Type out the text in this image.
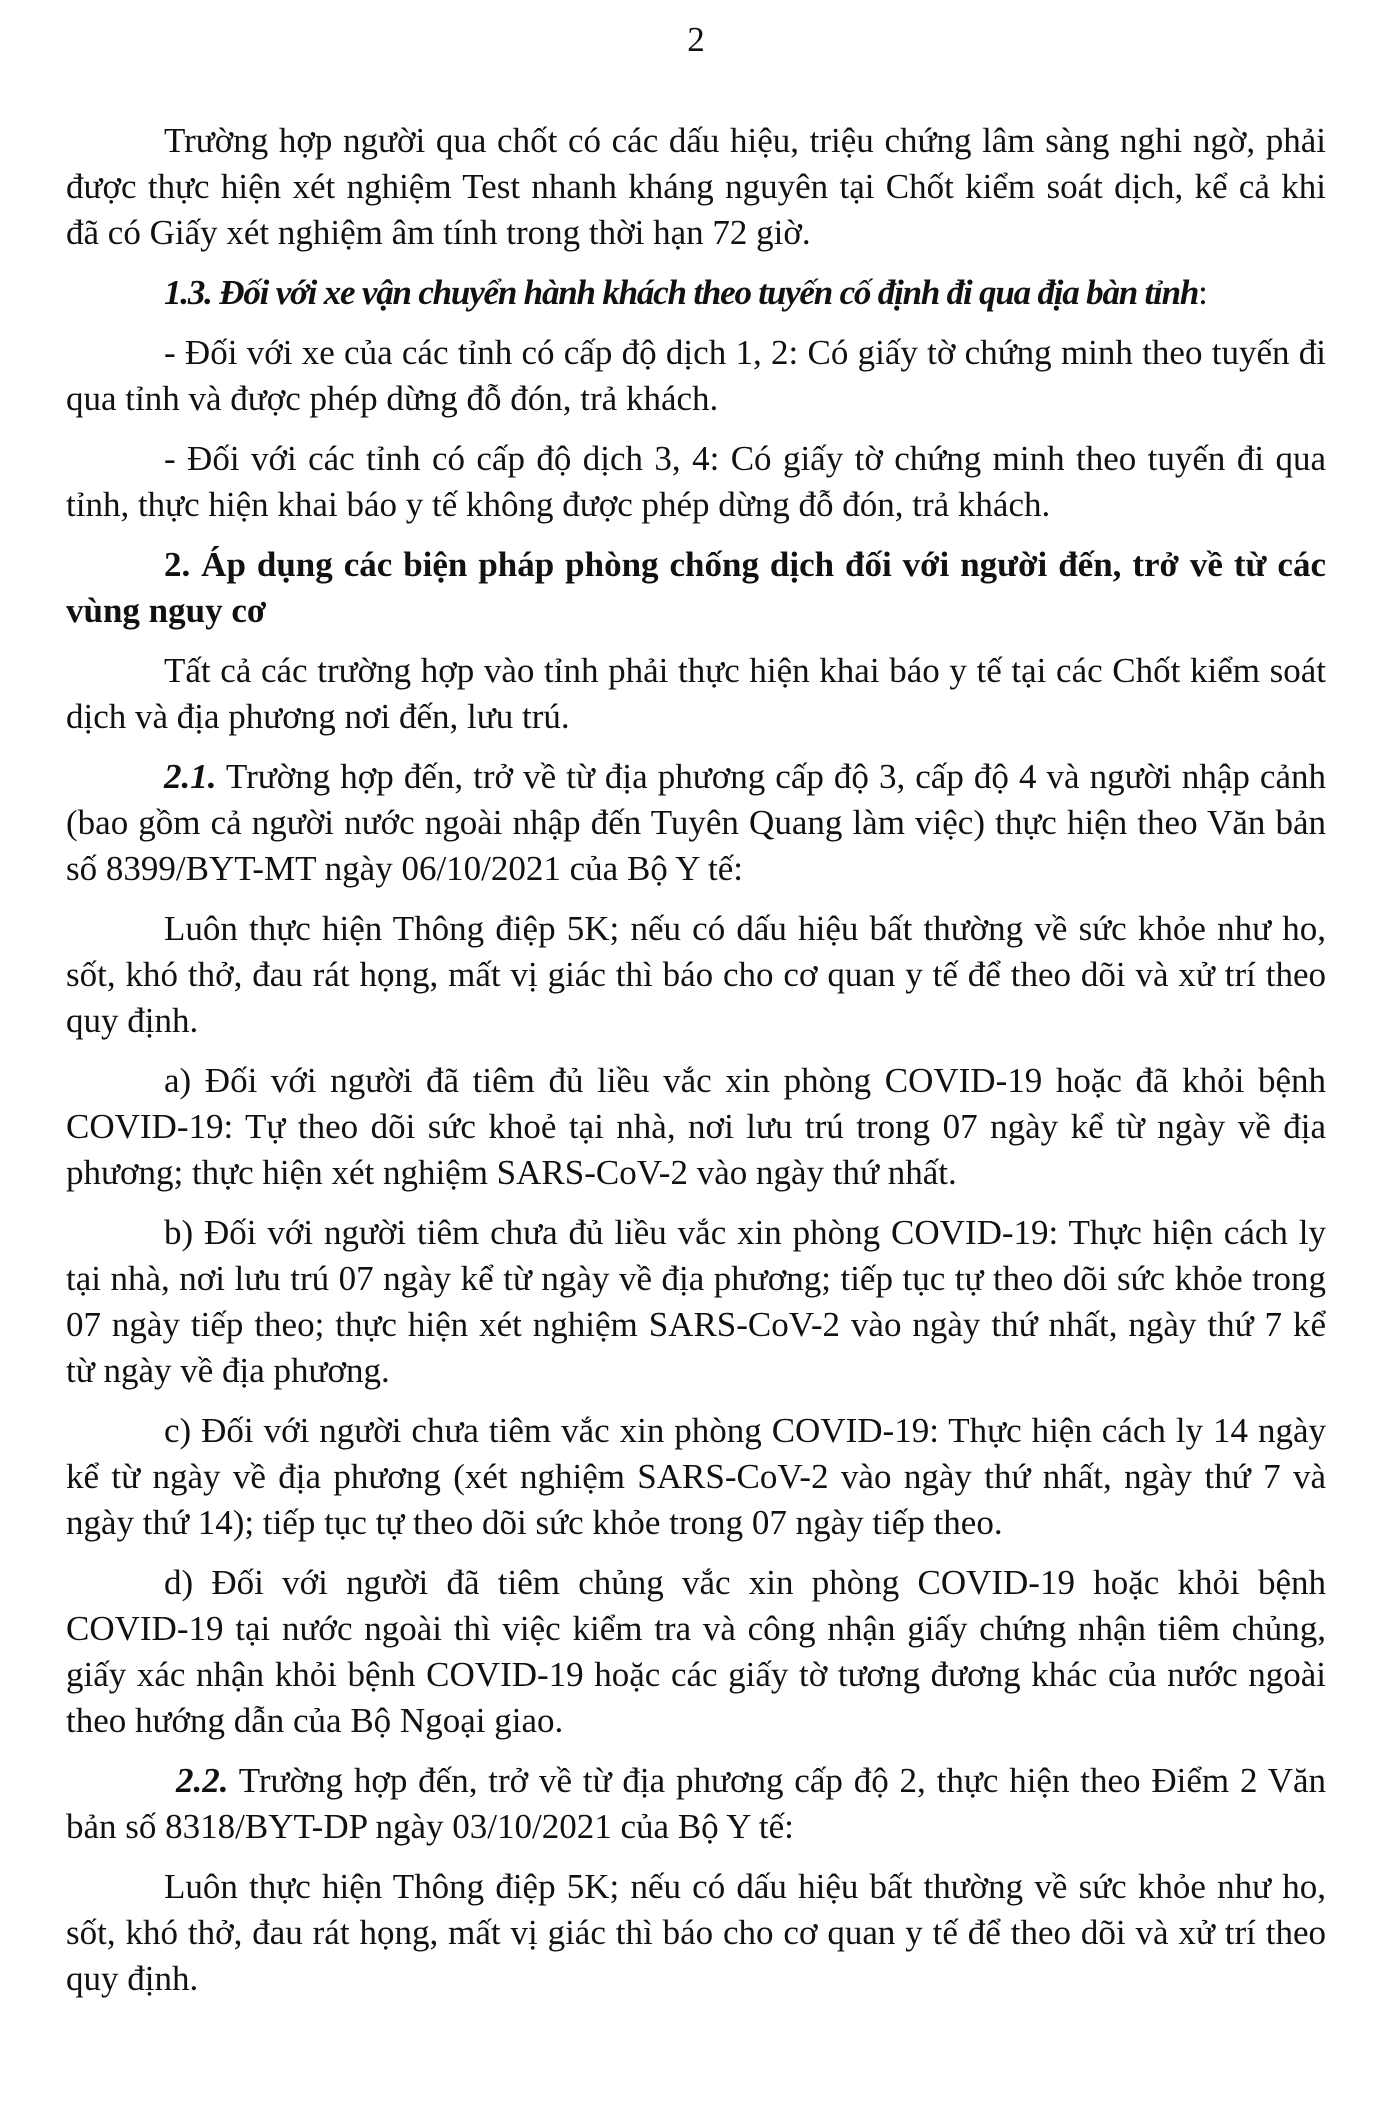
2

Trường hợp người qua chốt có các dấu hiệu, triệu chứng lâm sàng nghi ngờ, phải được thực hiện xét nghiệm Test nhanh kháng nguyên tại Chốt kiểm soát dịch, kể cả khi đã có Giấy xét nghiệm âm tính trong thời hạn 72 giờ.

1.3. Đối với xe vận chuyển hành khách theo tuyến cố định đi qua địa bàn tỉnh:

- Đối với xe của các tỉnh có cấp độ dịch 1, 2: Có giấy tờ chứng minh theo tuyến đi qua tỉnh và được phép dừng đỗ đón, trả khách.

- Đối với các tỉnh có cấp độ dịch 3, 4: Có giấy tờ chứng minh theo tuyến đi qua tỉnh, thực hiện khai báo y tế không được phép dừng đỗ đón, trả khách.

2. Áp dụng các biện pháp phòng chống dịch đối với người đến, trở về từ các vùng nguy cơ

Tất cả các trường hợp vào tỉnh phải thực hiện khai báo y tế tại các Chốt kiểm soát dịch và địa phương nơi đến, lưu trú.

2.1. Trường hợp đến, trở về từ địa phương cấp độ 3, cấp độ 4 và người nhập cảnh (bao gồm cả người nước ngoài nhập đến Tuyên Quang làm việc) thực hiện theo Văn bản số 8399/BYT-MT ngày 06/10/2021 của Bộ Y tế:

Luôn thực hiện Thông điệp 5K; nếu có dấu hiệu bất thường về sức khỏe như ho, sốt, khó thở, đau rát họng, mất vị giác thì báo cho cơ quan y tế để theo dõi và xử trí theo quy định.

a) Đối với người đã tiêm đủ liều vắc xin phòng COVID-19 hoặc đã khỏi bệnh COVID-19: Tự theo dõi sức khoẻ tại nhà, nơi lưu trú trong 07 ngày kể từ ngày về địa phương; thực hiện xét nghiệm SARS-CoV-2 vào ngày thứ nhất.

b) Đối với người tiêm chưa đủ liều vắc xin phòng COVID-19: Thực hiện cách ly tại nhà, nơi lưu trú 07 ngày kể từ ngày về địa phương; tiếp tục tự theo dõi sức khỏe trong 07 ngày tiếp theo; thực hiện xét nghiệm SARS-CoV-2 vào ngày thứ nhất, ngày thứ 7 kể từ ngày về địa phương.

c) Đối với người chưa tiêm vắc xin phòng COVID-19: Thực hiện cách ly 14 ngày kể từ ngày về địa phương (xét nghiệm SARS-CoV-2 vào ngày thứ nhất, ngày thứ 7 và ngày thứ 14); tiếp tục tự theo dõi sức khỏe trong 07 ngày tiếp theo.

d) Đối với người đã tiêm chủng vắc xin phòng COVID-19 hoặc khỏi bệnh COVID-19 tại nước ngoài thì việc kiểm tra và công nhận giấy chứng nhận tiêm chủng, giấy xác nhận khỏi bệnh COVID-19 hoặc các giấy tờ tương đương khác của nước ngoài theo hướng dẫn của Bộ Ngoại giao.

2.2. Trường hợp đến, trở về từ địa phương cấp độ 2, thực hiện theo Điểm 2 Văn bản số 8318/BYT-DP ngày 03/10/2021 của Bộ Y tế:

Luôn thực hiện Thông điệp 5K; nếu có dấu hiệu bất thường về sức khỏe như ho, sốt, khó thở, đau rát họng, mất vị giác thì báo cho cơ quan y tế để theo dõi và xử trí theo quy định.
